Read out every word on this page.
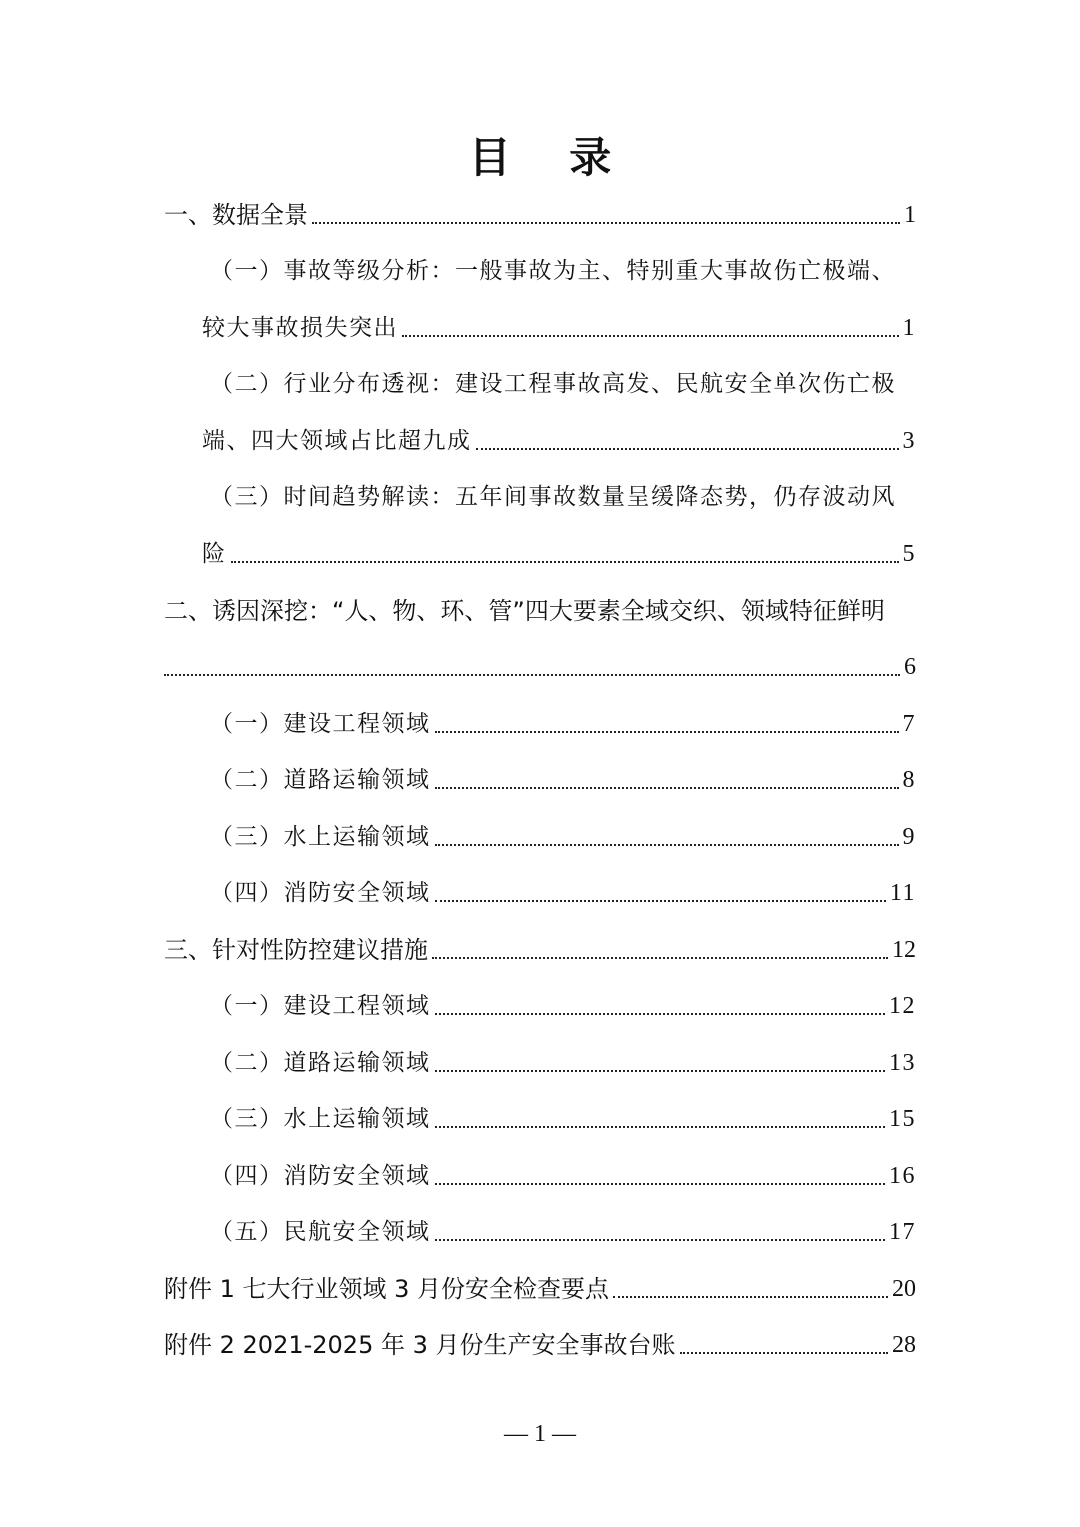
目 录
一、数据全景	1
（一）事故等级分析：一般事故为主、特别重大事故伤亡极端、
较大事故损失突出	1
（二）行业分布透视：建设工程事故高发、民航安全单次伤亡极
端、四大领域占比超九成	3
（三）时间趋势解读：五年间事故数量呈缓降态势，仍存波动风
险	5
二、诱因深挖：“人、物、环、管”四大要素全域交织、领域特征鲜明
6
（一）建设工程领域	7
（二）道路运输领域	8
（三）水上运输领域	9
（四）消防安全领域	11
三、针对性防控建议措施	12
（一）建设工程领域	12
（二）道路运输领域	13
（三）水上运输领域	15
（四）消防安全领域	16
（五）民航安全领域	17
附件 1 七大行业领域 3 月份安全检查要点	20
附件 2 2021-2025 年 3 月份生产安全事故台账	28
— 1 —
